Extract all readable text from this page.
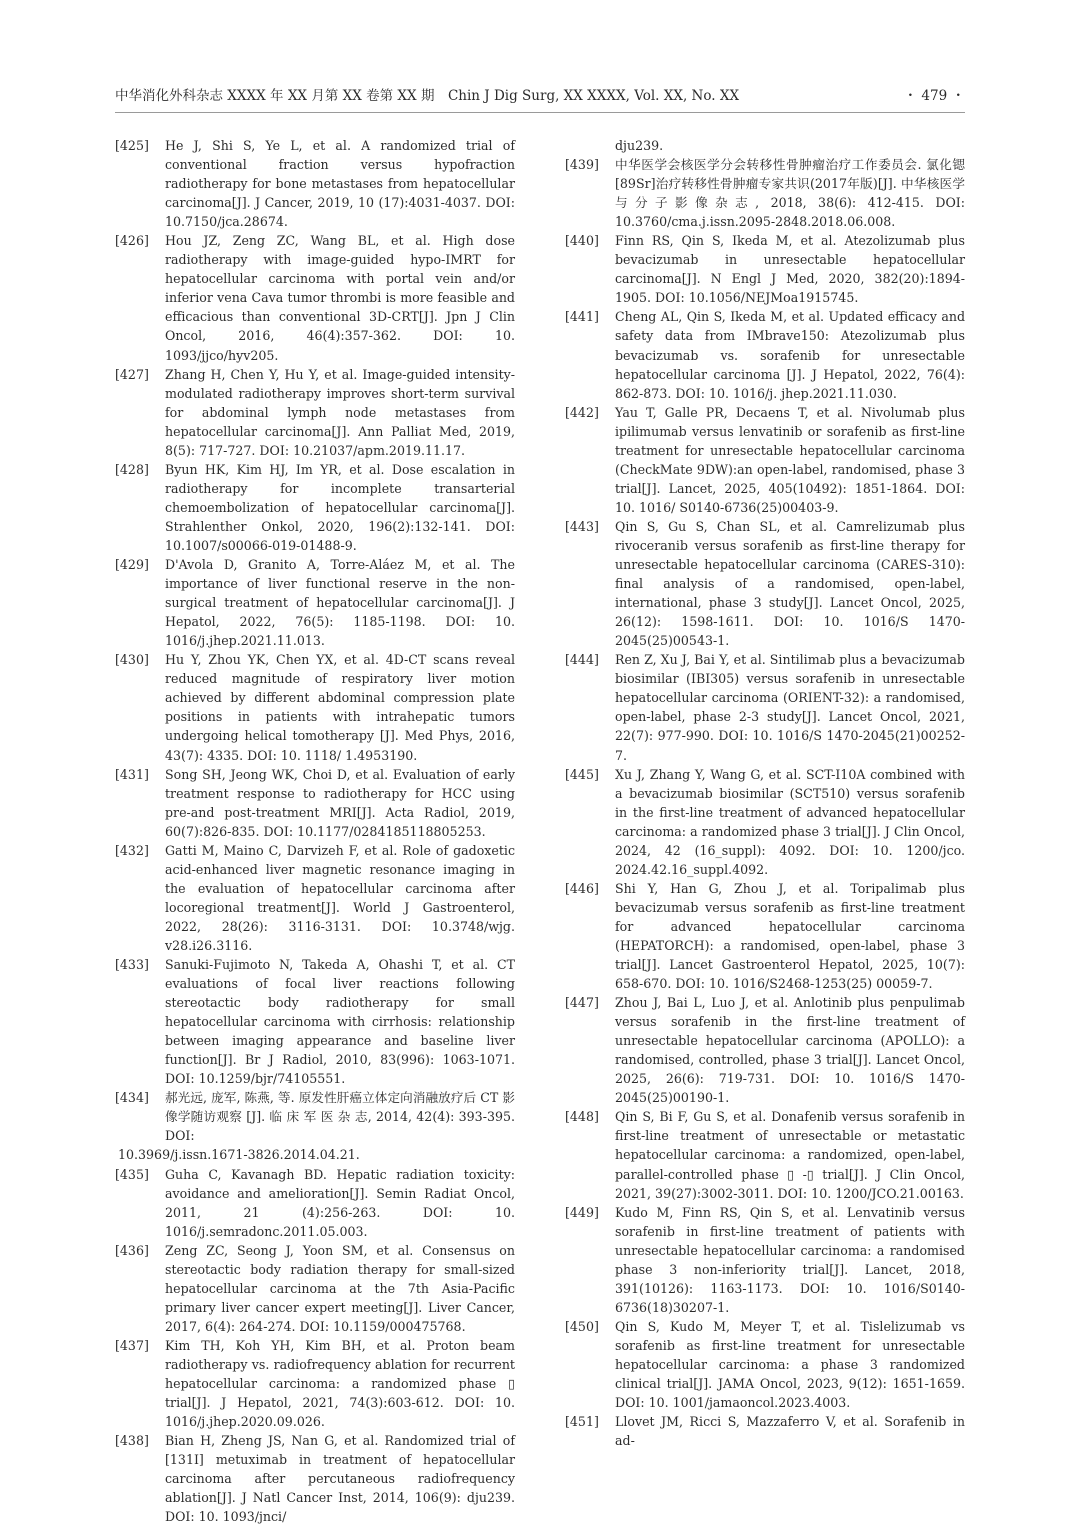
中华消化外科杂志 XXXX 年 XX 月第 XX 卷第 XX 期　Chin J Dig Surg, XX XXXX, Vol. XX, No. XX	・ 479 ・
[425] He J, Shi S, Ye L, et al. A randomized trial of conventional fraction versus hypofraction radiotherapy for bone metastases from hepatocellular carcinoma[J]. J Cancer, 2019, 10 (17):4031-4037. DOI: 10.7150/jca.28674.
[426] Hou JZ, Zeng ZC, Wang BL, et al. High dose radiotherapy with image-guided hypo-IMRT for hepatocellular carcinoma with portal vein and/or inferior vena Cava tumor thrombi is more feasible and efficacious than conventional 3D-CRT[J]. Jpn J Clin Oncol, 2016, 46(4):357-362. DOI: 10. 1093/jjco/hyv205.
[427] Zhang H, Chen Y, Hu Y, et al. Image-guided intensity-modulated radiotherapy improves short-term survival for abdominal lymph node metastases from hepatocellular carcinoma[J]. Ann Palliat Med, 2019, 8(5): 717-727. DOI: 10.21037/apm.2019.11.17.
[428] Byun HK, Kim HJ, Im YR, et al. Dose escalation in radiotherapy for incomplete transarterial chemoembolization of hepatocellular carcinoma[J]. Strahlenther Onkol, 2020, 196(2):132-141. DOI: 10.1007/s00066-019-01488-9.
[429] D'Avola D, Granito A, Torre-Aláez M, et al. The importance of liver functional reserve in the non-surgical treatment of hepatocellular carcinoma[J]. J Hepatol, 2022, 76(5): 1185-1198. DOI: 10. 1016/j.jhep.2021.11.013.
[430] Hu Y, Zhou YK, Chen YX, et al. 4D-CT scans reveal reduced magnitude of respiratory liver motion achieved by different abdominal compression plate positions in patients with intrahepatic tumors undergoing helical tomotherapy [J]. Med Phys, 2016, 43(7): 4335. DOI: 10. 1118/ 1.4953190.
[431] Song SH, Jeong WK, Choi D, et al. Evaluation of early treatment response to radiotherapy for HCC using pre-and post-treatment MRI[J]. Acta Radiol, 2019, 60(7):826-835. DOI: 10.1177/0284185118805253.
[432] Gatti M, Maino C, Darvizeh F, et al. Role of gadoxetic acid-enhanced liver magnetic resonance imaging in the evaluation of hepatocellular carcinoma after locoregional treatment[J]. World J Gastroenterol, 2022, 28(26): 3116-3131. DOI: 10.3748/wjg. v28.i26.3116.
[433] Sanuki-Fujimoto N, Takeda A, Ohashi T, et al. CT evaluations of focal liver reactions following stereotactic body radiotherapy for small hepatocellular carcinoma with cirrhosis: relationship between imaging appearance and baseline liver function[J]. Br J Radiol, 2010, 83(996): 1063-1071. DOI: 10.1259/bjr/74105551.
[434] 郝光远, 庞军, 陈燕, 等. 原发性肝癌立体定向消融放疗后 CT 影像学随访观察 [J]. 临 床 军 医 杂 志, 2014, 42(4): 393-395. DOI:
10.3969/j.issn.1671-3826.2014.04.21.
[435] Guha C, Kavanagh BD. Hepatic radiation toxicity: avoidance and amelioration[J]. Semin Radiat Oncol, 2011, 21 (4):256-263. DOI: 10. 1016/j.semradonc.2011.05.003.
[436] Zeng ZC, Seong J, Yoon SM, et al. Consensus on stereotactic body radiation therapy for small-sized hepatocellular carcinoma at the 7th Asia-Pacific primary liver cancer expert meeting[J]. Liver Cancer, 2017, 6(4): 264-274. DOI: 10.1159/000475768.
[437] Kim TH, Koh YH, Kim BH, et al. Proton beam radiotherapy vs. radiofrequency ablation for recurrent hepatocellular carcinoma: a randomized phase ▯ trial[J]. J Hepatol, 2021, 74(3):603-612. DOI: 10. 1016/j.jhep.2020.09.026.
[438] Bian H, Zheng JS, Nan G, et al. Randomized trial of [131I] metuximab in treatment of hepatocellular carcinoma after percutaneous radiofrequency ablation[J]. J Natl Cancer Inst, 2014, 106(9): dju239. DOI: 10. 1093/jnci/
dju239.
[439] 中华医学会核医学分会转移性骨肿瘤治疗工作委员会. 氯化锶[89Sr]治疗转移性骨肿瘤专家共识(2017年版)[J]. 中华核医学与分子影像杂志, 2018, 38(6): 412-415. DOI: 10.3760/cma.j.issn.2095-2848.2018.06.008.
[440] Finn RS, Qin S, Ikeda M, et al. Atezolizumab plus bevacizumab in unresectable hepatocellular carcinoma[J]. N Engl J Med, 2020, 382(20):1894-1905. DOI: 10.1056/NEJMoa1915745.
[441] Cheng AL, Qin S, Ikeda M, et al. Updated efficacy and safety data from IMbrave150: Atezolizumab plus bevacizumab vs. sorafenib for unresectable hepatocellular carcinoma [J]. J Hepatol, 2022, 76(4): 862-873. DOI: 10. 1016/j. jhep.2021.11.030.
[442] Yau T, Galle PR, Decaens T, et al. Nivolumab plus ipilimumab versus lenvatinib or sorafenib as first-line treatment for unresectable hepatocellular carcinoma (CheckMate 9DW):an open-label, randomised, phase 3 trial[J]. Lancet, 2025, 405(10492): 1851-1864. DOI: 10. 1016/ S0140-6736(25)00403-9.
[443] Qin S, Gu S, Chan SL, et al. Camrelizumab plus rivoceranib versus sorafenib as first-line therapy for unresectable hepatocellular carcinoma (CARES-310): final analysis of a randomised, open-label, international, phase 3 study[J]. Lancet Oncol, 2025, 26(12): 1598-1611. DOI: 10. 1016/S 1470-2045(25)00543-1.
[444] Ren Z, Xu J, Bai Y, et al. Sintilimab plus a bevacizumab biosimilar (IBI305) versus sorafenib in unresectable hepatocellular carcinoma (ORIENT-32): a randomised, open-label, phase 2-3 study[J]. Lancet Oncol, 2021, 22(7): 977-990. DOI: 10. 1016/S 1470-2045(21)00252-7.
[445] Xu J, Zhang Y, Wang G, et al. SCT-I10A combined with a bevacizumab biosimilar (SCT510) versus sorafenib in the first-line treatment of advanced hepatocellular carcinoma: a randomized phase 3 trial[J]. J Clin Oncol, 2024, 42 (16_suppl): 4092. DOI: 10. 1200/jco. 2024.42.16_suppl.4092.
[446] Shi Y, Han G, Zhou J, et al. Toripalimab plus bevacizumab versus sorafenib as first-line treatment for advanced hepatocellular carcinoma (HEPATORCH): a randomised, open-label, phase 3 trial[J]. Lancet Gastroenterol Hepatol, 2025, 10(7): 658-670. DOI: 10. 1016/S2468-1253(25) 00059-7.
[447] Zhou J, Bai L, Luo J, et al. Anlotinib plus penpulimab versus sorafenib in the first-line treatment of unresectable hepatocellular carcinoma (APOLLO): a randomised, controlled, phase 3 trial[J]. Lancet Oncol, 2025, 26(6): 719-731. DOI: 10. 1016/S 1470-2045(25)00190-1.
[448] Qin S, Bi F, Gu S, et al. Donafenib versus sorafenib in first-line treatment of unresectable or metastatic hepatocellular carcinoma: a randomized, open-label, parallel-controlled phase ▯ -▯ trial[J]. J Clin Oncol, 2021, 39(27):3002-3011. DOI: 10. 1200/JCO.21.00163.
[449] Kudo M, Finn RS, Qin S, et al. Lenvatinib versus sorafenib in first-line treatment of patients with unresectable hepatocellular carcinoma: a randomised phase 3 non-inferiority trial[J]. Lancet, 2018, 391(10126): 1163-1173. DOI: 10. 1016/S0140-6736(18)30207-1.
[450] Qin S, Kudo M, Meyer T, et al. Tislelizumab vs sorafenib as first-line treatment for unresectable hepatocellular carcinoma: a phase 3 randomized clinical trial[J]. JAMA Oncol, 2023, 9(12): 1651-1659. DOI: 10. 1001/jamaoncol.2023.4003.
[451] Llovet JM, Ricci S, Mazzaferro V, et al. Sorafenib in ad-
